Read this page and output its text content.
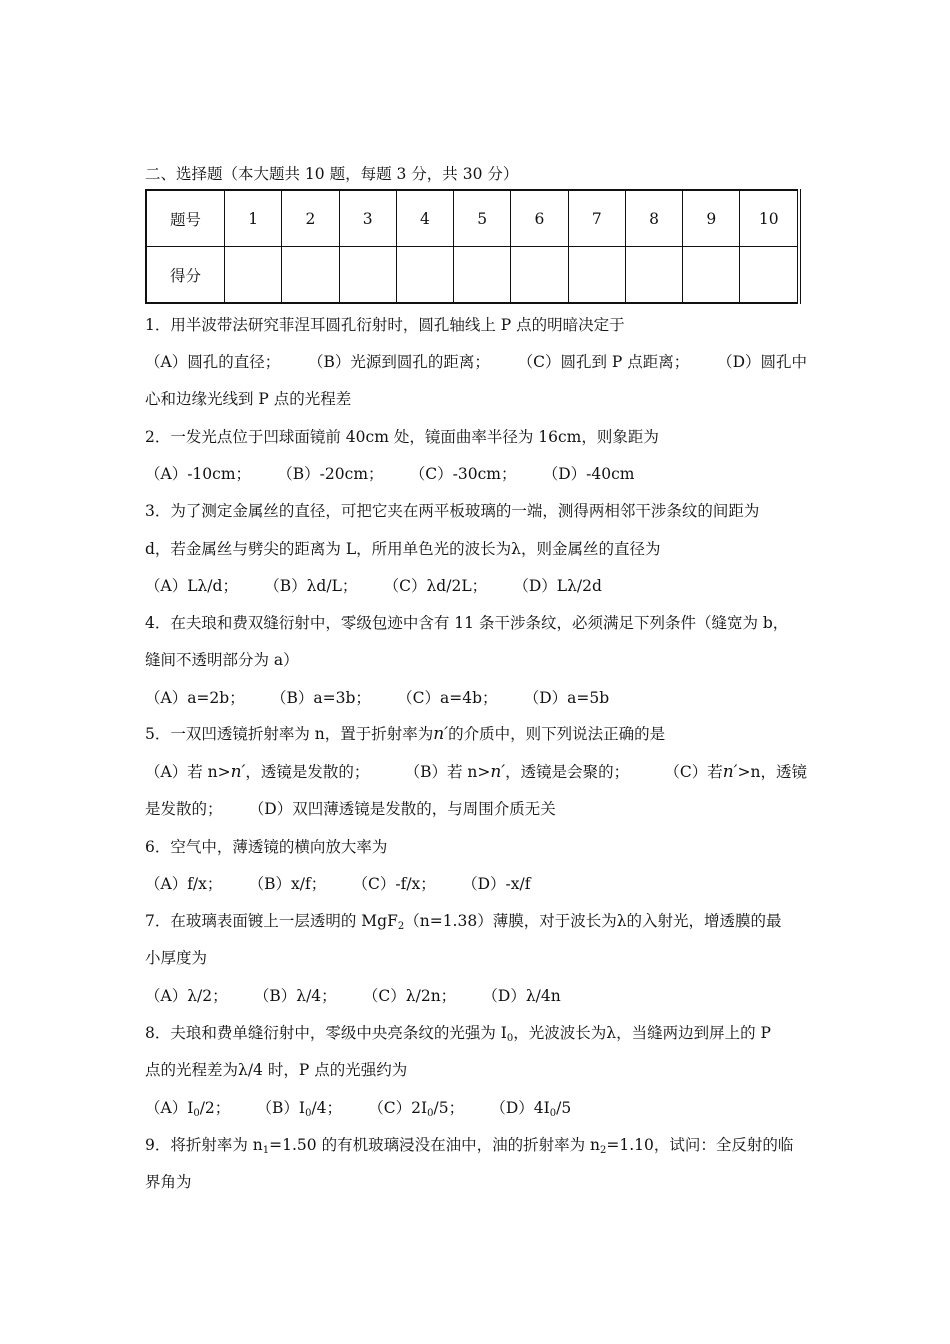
二、选择题（本大题共 10 题，每题 3 分，共 30 分）
题号	1	2	3	4	5	6	7	8	9	10
得分										
1．用半波带法研究菲涅耳圆孔衍射时，圆孔轴线上 P 点的明暗决定于
（A）圆孔的直径； （B）光源到圆孔的距离； （C）圆孔到 P 点距离； （D）圆孔中
心和边缘光线到 P 点的光程差
2．一发光点位于凹球面镜前 40cm 处，镜面曲率半径为 16cm，则象距为
（A）-10cm； （B）-20cm； （C）-30cm； （D）-40cm
3．为了测定金属丝的直径，可把它夹在两平板玻璃的一端，测得两相邻干涉条纹的间距为
d，若金属丝与劈尖的距离为 L，所用单色光的波长为λ，则金属丝的直径为
（A）Lλ/d； （B）λd/L； （C）λd/2L； （D）Lλ/2d
4．在夫琅和费双缝衍射中，零级包迹中含有 11 条干涉条纹，必须满足下列条件（缝宽为 b，
缝间不透明部分为 a）
（A）a=2b； （B）a=3b； （C）a=4b； （D）a=5b
5．一双凹透镜折射率为 n，置于折射率为n′的介质中，则下列说法正确的是
（A）若 n>n′，透镜是发散的； （B）若 n>n′，透镜是会聚的； （C）若n′>n，透镜
是发散的； （D）双凹薄透镜是发散的，与周围介质无关
6．空气中，薄透镜的横向放大率为
（A）f/x； （B）x/f； （C）-f/x； （D）-x/f
7．在玻璃表面镀上一层透明的 MgF$_2$（n=1.38）薄膜，对于波长为λ的入射光，增透膜的最
小厚度为
（A）λ/2； （B）λ/4； （C）λ/2n； （D）λ/4n
8．夫琅和费单缝衍射中，零级中央亮条纹的光强为 $I_0$，光波波长为λ，当缝两边到屏上的 P
点的光程差为λ/4 时，P 点的光强约为
$(A)I_0/2$； $(B)I_0/4$； $(C)2I_0/5$； $(D)4I_0/5$
9．将折射率为 $n_1=1.50$ 的有机玻璃浸没在油中，油的折射率为 $n_2=1.10$，试问：全反射的临
界角为
